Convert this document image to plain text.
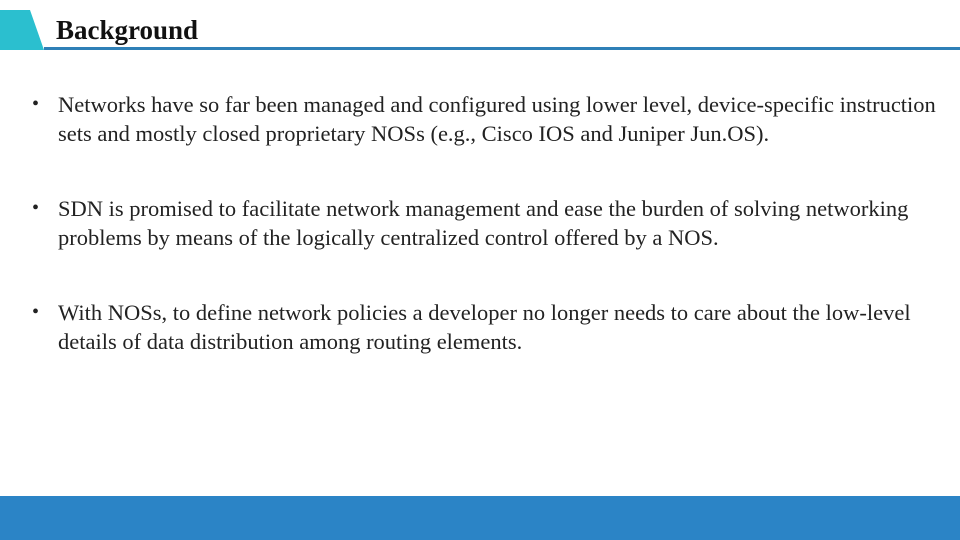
Background
• Networks have so far been managed and configured using lower level, device-specific instruction sets and mostly closed proprietary NOSs (e.g., Cisco IOS and Juniper Jun.OS).
• SDN is promised to facilitate network management and ease the burden of solving networking problems by means of the logically centralized control offered by a NOS.
• With NOSs, to define network policies a developer no longer needs to care about the low-level details of data distribution among routing elements.
